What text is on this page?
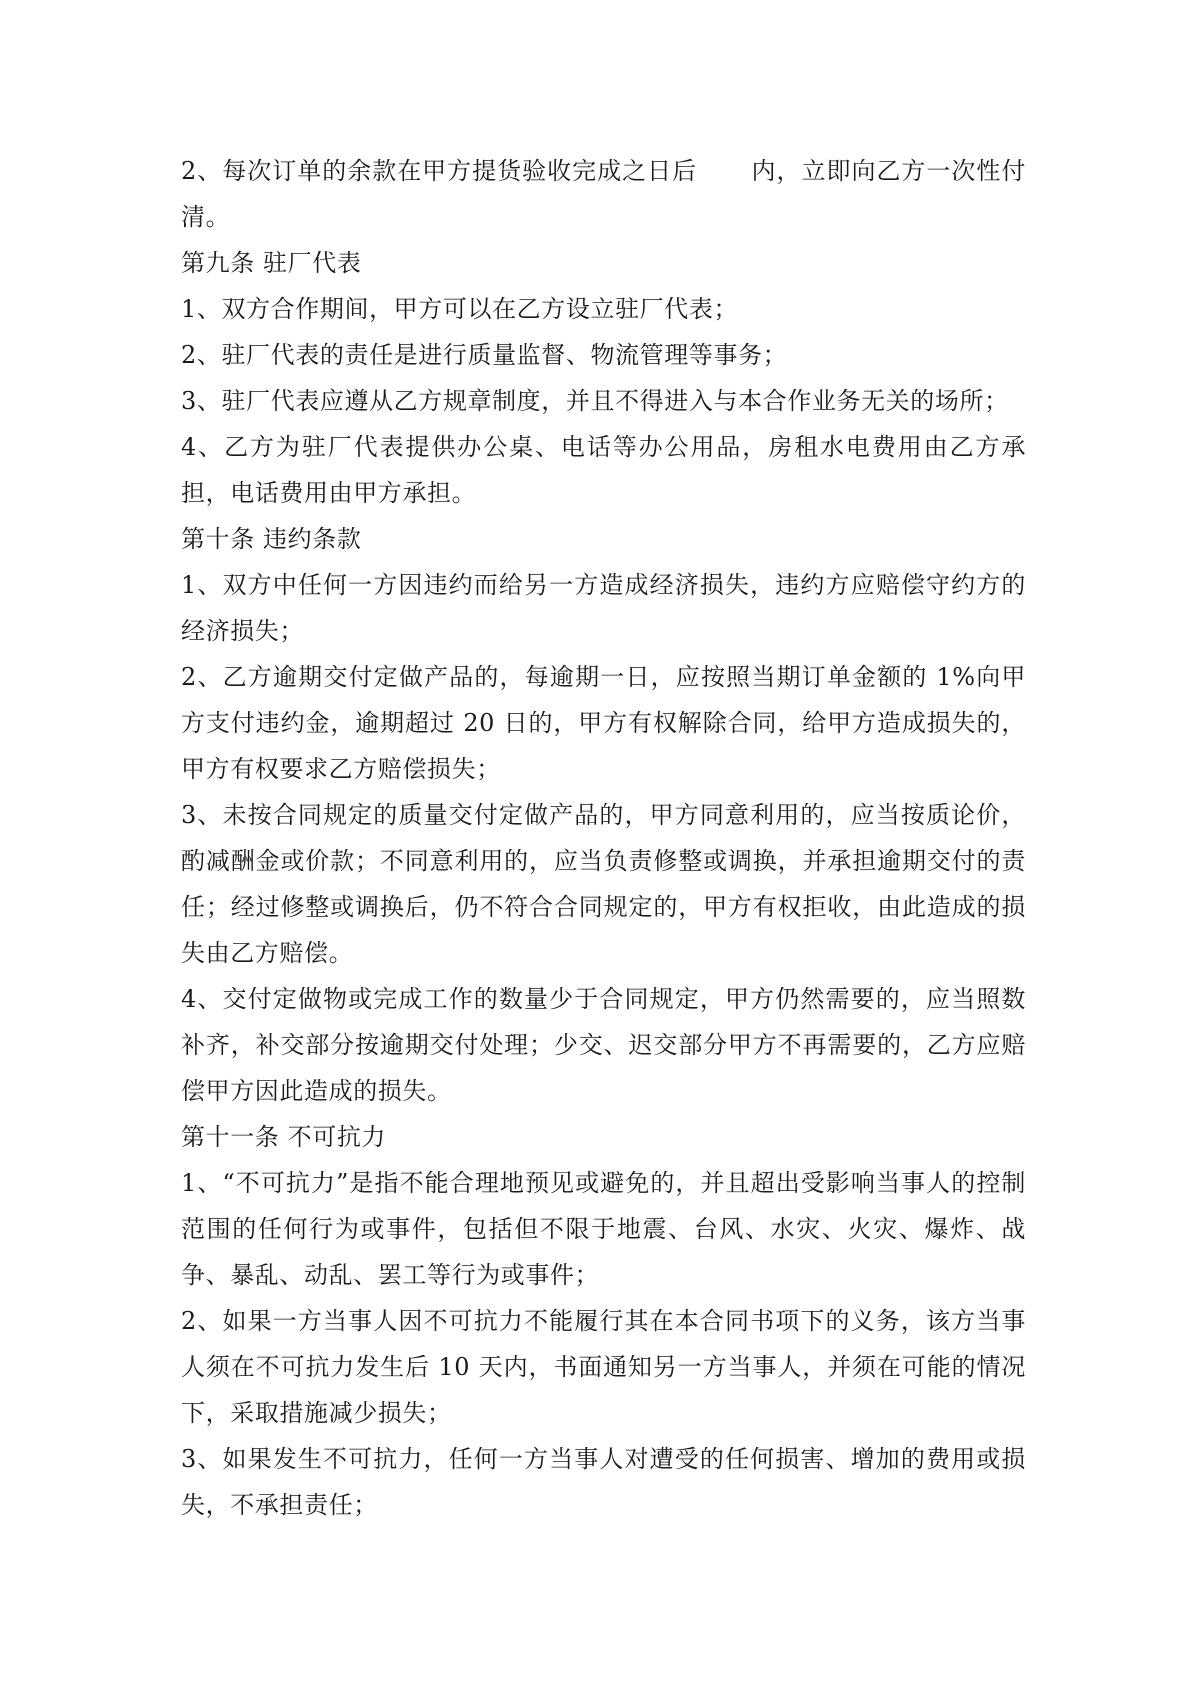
2、每次订单的余款在甲方提货验收完成之日后 内，立即向乙方一次性付清。

第九条 驻厂代表

1、双方合作期间，甲方可以在乙方设立驻厂代表；

2、驻厂代表的责任是进行质量监督、物流管理等事务；

3、驻厂代表应遵从乙方规章制度，并且不得进入与本合作业务无关的场所；

4、乙方为驻厂代表提供办公桌、电话等办公用品，房租水电费用由乙方承担，电话费用由甲方承担。

第十条 违约条款

1、双方中任何一方因违约而给另一方造成经济损失，违约方应赔偿守约方的经济损失；

2、乙方逾期交付定做产品的，每逾期一日，应按照当期订单金额的 1%向甲方支付违约金，逾期超过 20 日的，甲方有权解除合同，给甲方造成损失的，甲方有权要求乙方赔偿损失；

3、未按合同规定的质量交付定做产品的，甲方同意利用的，应当按质论价，酌减酬金或价款；不同意利用的，应当负责修整或调换，并承担逾期交付的责任；经过修整或调换后，仍不符合合同规定的，甲方有权拒收，由此造成的损失由乙方赔偿。

4、交付定做物或完成工作的数量少于合同规定，甲方仍然需要的，应当照数补齐，补交部分按逾期交付处理；少交、迟交部分甲方不再需要的，乙方应赔偿甲方因此造成的损失。

第十一条 不可抗力

1、“不可抗力”是指不能合理地预见或避免的，并且超出受影响当事人的控制范围的任何行为或事件，包括但不限于地震、台风、水灾、火灾、爆炸、战争、暴乱、动乱、罢工等行为或事件；

2、如果一方当事人因不可抗力不能履行其在本合同书项下的义务，该方当事人须在不可抗力发生后 10 天内，书面通知另一方当事人，并须在可能的情况下，采取措施减少损失；

3、如果发生不可抗力，任何一方当事人对遭受的任何损害、增加的费用或损失，不承担责任；
